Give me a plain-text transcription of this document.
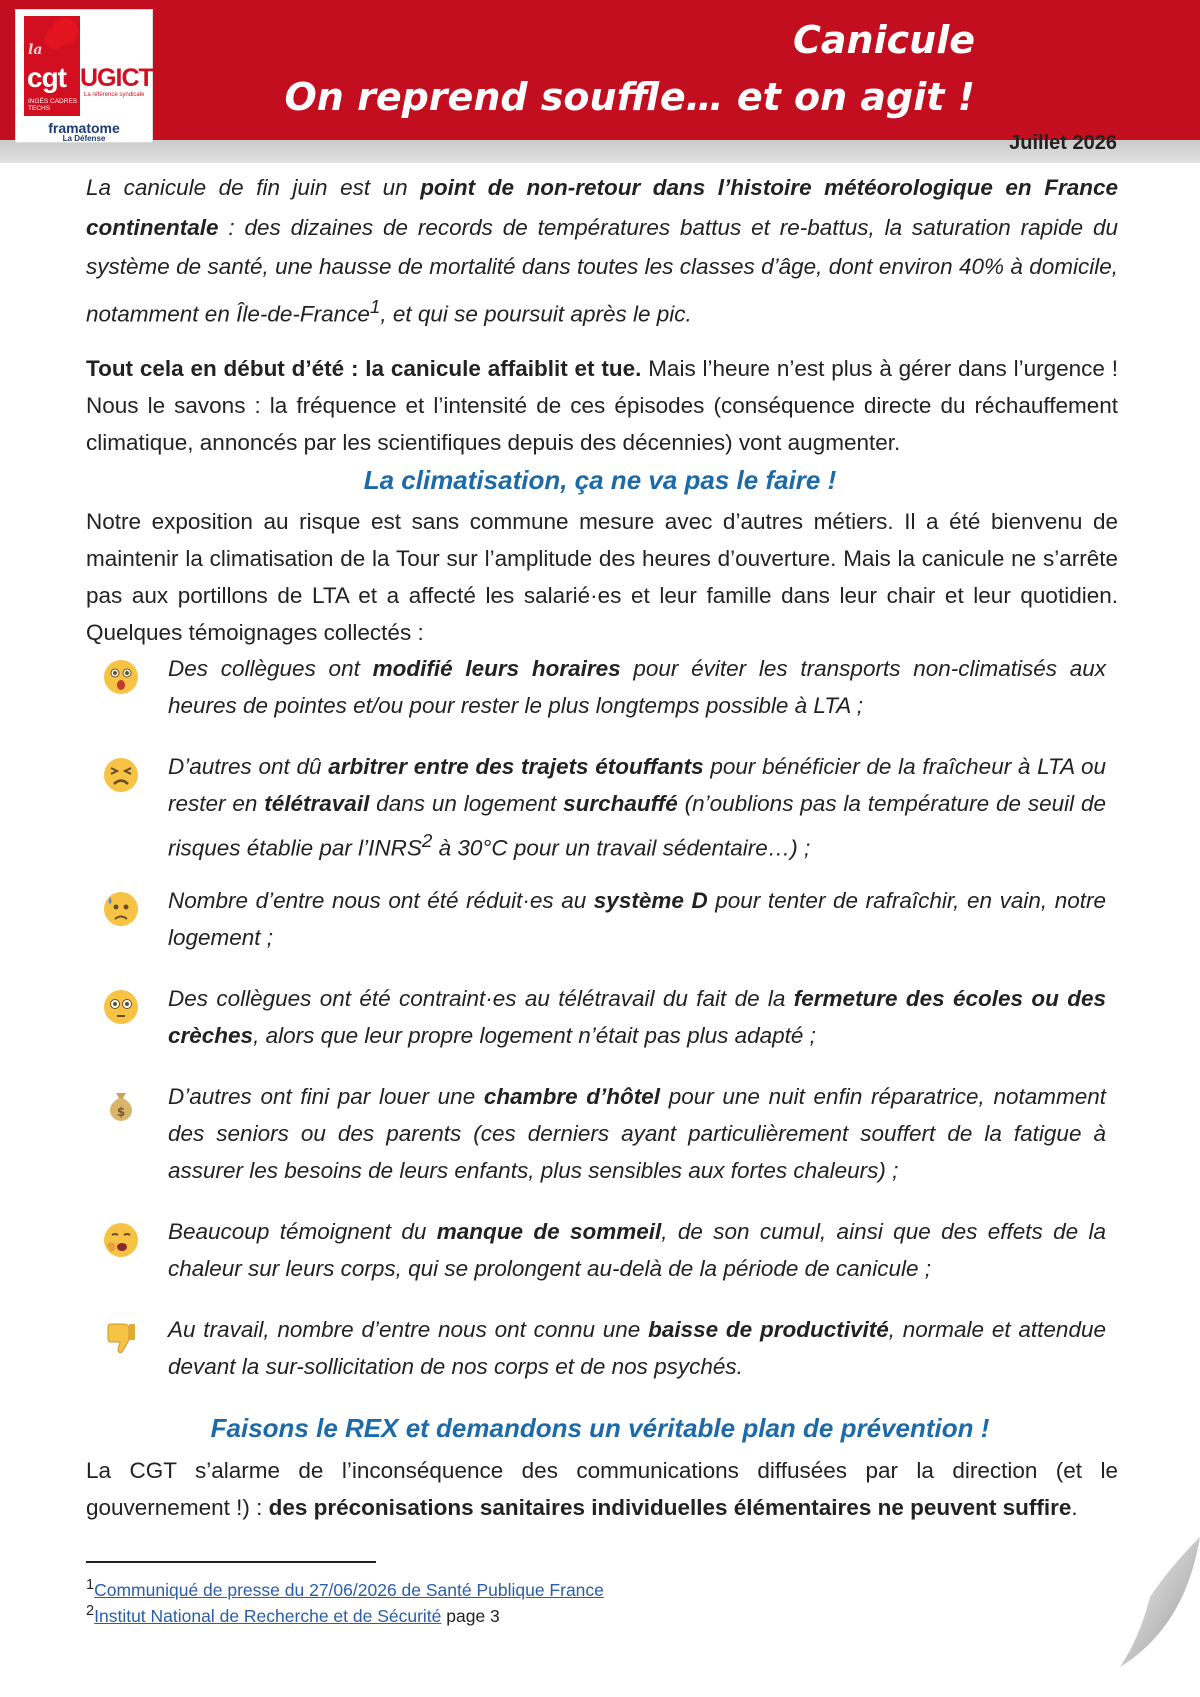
la
cgt UGICT
La référence syndicale
INGÉS CADRES TECHS
framatome
La Défense
Canicule
On reprend souffle… et on agit !
Juillet 2026
La canicule de fin juin est un point de non-retour dans l’histoire météorologique en France continentale : des dizaines de records de températures battus et re-battus, la saturation rapide du système de santé, une hausse de mortalité dans toutes les classes d’âge, dont environ 40% à domicile, notamment en Île-de-France$^1$, et qui se poursuit après le pic.
Tout cela en début d’été : la canicule affaiblit et tue. Mais l’heure n’est plus à gérer dans l’urgence ! Nous le savons : la fréquence et l’intensité de ces épisodes (conséquence directe du réchauffement climatique, annoncés par les scientifiques depuis des décennies) vont augmenter.
La climatisation, ça ne va pas le faire !
Notre exposition au risque est sans commune mesure avec d’autres métiers. Il a été bienvenu de maintenir la climatisation de la Tour sur l’amplitude des heures d’ouverture. Mais la canicule ne s’arrête pas aux portillons de LTA et a affecté les salarié·es et leur famille dans leur chair et leur quotidien. Quelques témoignages collectés :
$
Des collègues ont modifié leurs horaires pour éviter les transports non-climatisés aux heures de pointes et/ou pour rester le plus longtemps possible à LTA ;
D’autres ont dû arbitrer entre des trajets étouffants pour bénéficier de la fraîcheur à LTA ou rester en télétravail dans un logement surchauffé (n’oublions pas la température de seuil de risques établie par l’INRS$^2$ à 30°C pour un travail sédentaire…) ;
Nombre d’entre nous ont été réduit·es au système D pour tenter de rafraîchir, en vain, notre logement ;
Des collègues ont été contraint·es au télétravail du fait de la fermeture des écoles ou des crèches, alors que leur propre logement n’était pas plus adapté ;
D’autres ont fini par louer une chambre d’hôtel pour une nuit enfin réparatrice, notamment des seniors ou des parents (ces derniers ayant particulièrement souffert de la fatigue à assurer les besoins de leurs enfants, plus sensibles aux fortes chaleurs) ;
Beaucoup témoignent du manque de sommeil, de son cumul, ainsi que des effets de la chaleur sur leurs corps, qui se prolongent au-delà de la période de canicule ;
Au travail, nombre d’entre nous ont connu une baisse de productivité, normale et attendue devant la sur-sollicitation de nos corps et de nos psychés.
Faisons le REX et demandons un véritable plan de prévention !
La CGT s’alarme de l’inconséquence des communications diffusées par la direction (et le gouvernement !) : des préconisations sanitaires individuelles élémentaires ne peuvent suffire.
$^1$Communiqué de presse du 27/06/2026 de Santé Publique France
$^2$Institut National de Recherche et de Sécurité page 3
